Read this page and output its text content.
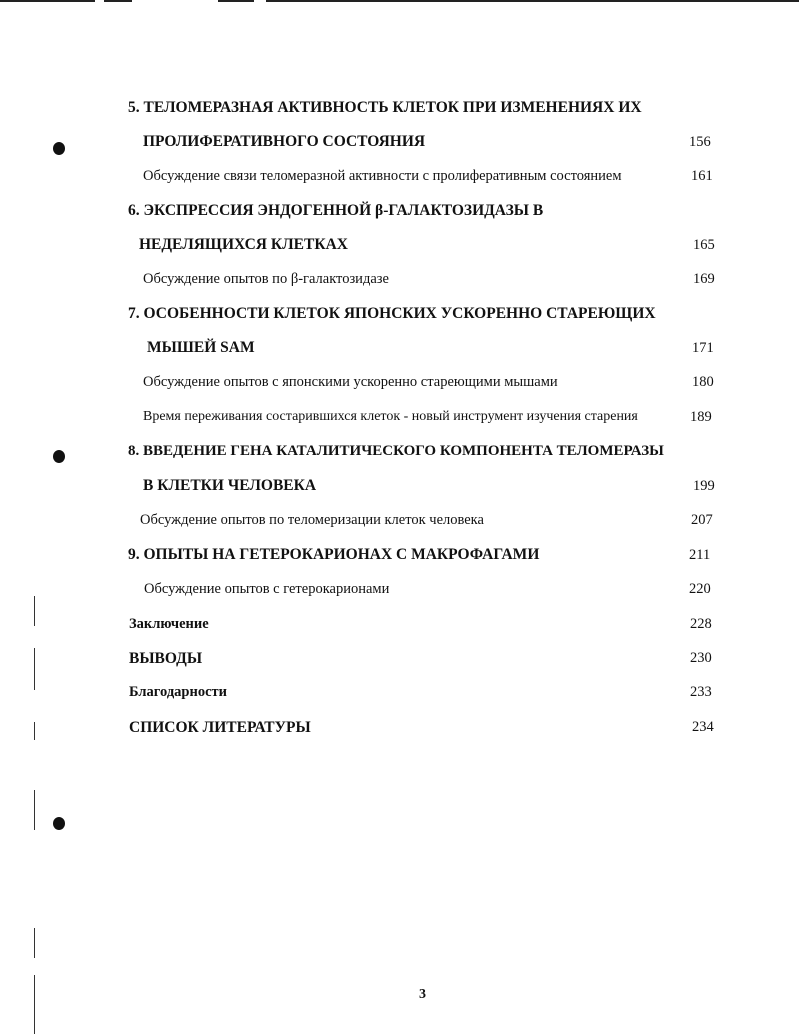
5. ТЕЛОМЕРАЗНАЯ АКТИВНОСТЬ КЛЕТОК ПРИ ИЗМЕНЕНИЯХ ИХ
ПРОЛИФЕРАТИВНОГО СОСТОЯНИЯ	156
Обсуждение связи теломеразной активности с пролиферативным состоянием	161
6. ЭКСПРЕССИЯ ЭНДОГЕННОЙ β-ГАЛАКТОЗИДАЗЫ В
НЕДЕЛЯЩИХСЯ КЛЕТКАХ	165
Обсуждение опытов по β-галактозидазе	169
7. ОСОБЕННОСТИ КЛЕТОК ЯПОНСКИХ УСКОРЕННО СТАРЕЮЩИХ
МЫШЕЙ SAM	171
Обсуждение опытов с японскими ускоренно стареющими мышами	180
Время переживания состарившихся клеток - новый инструмент изучения старения	189
8. ВВЕДЕНИЕ ГЕНА КАТАЛИТИЧЕСКОГО КОМПОНЕНТА ТЕЛОМЕРАЗЫ
В КЛЕТКИ ЧЕЛОВЕКА	199
Обсуждение опытов по теломеризации клеток человека	207
9. ОПЫТЫ НА ГЕТЕРОКАРИОНАХ С МАКРОФАГАМИ	211
Обсуждение опытов с гетерокарионами	220
Заключение	228
ВЫВОДЫ	230
Благодарности	233
СПИСОК ЛИТЕРАТУРЫ	234
3
